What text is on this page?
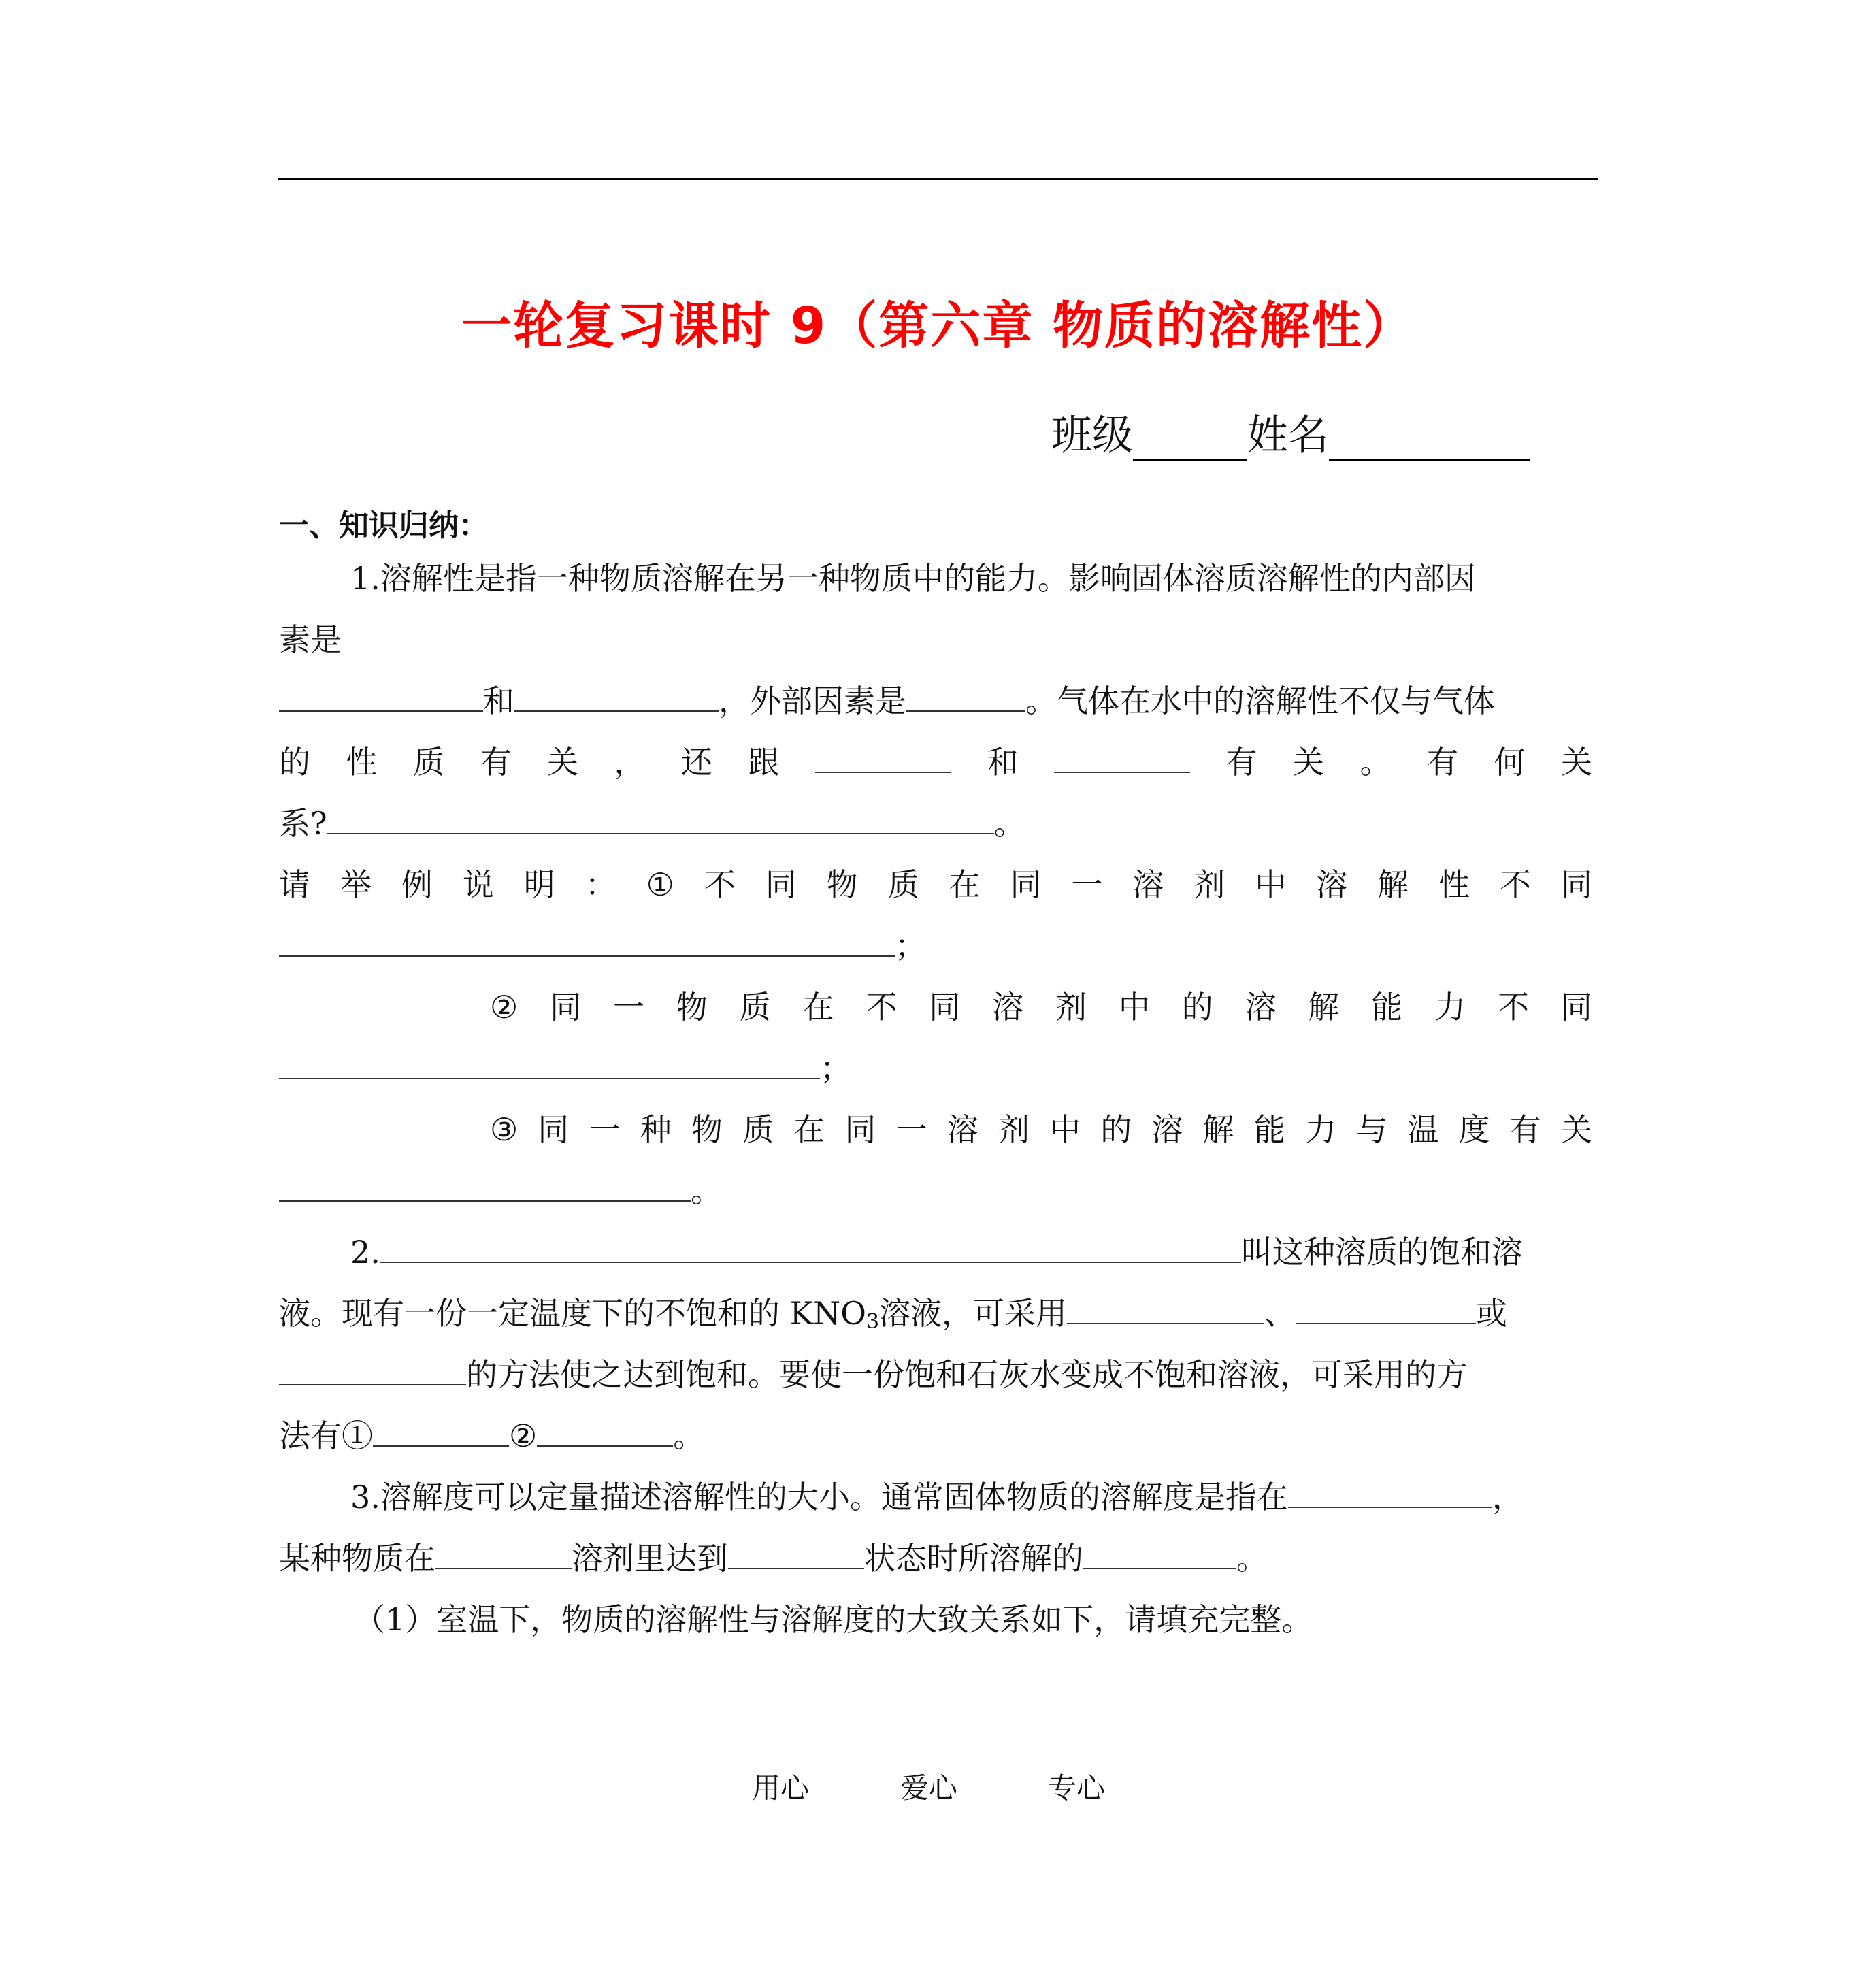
一轮复习课时 9（第六章 物质的溶解性）
班级	姓名
一、知识归纳：
1.溶解性是指一种物质溶解在另一种物质中的能力。影响固体溶质溶解性的内部因
素是
和	，外部因素是	。气体在水中的溶解性不仅与气体
的 性 质 有 关 ， 还 跟	和	有 关 。 有 何 关
系?	。
请 举 例 说 明 ： ① 不 同 物 质 在 同 一 溶 剂 中 溶 解 性 不 同
；
② 同 一 物 质 在 不 同 溶 剂 中 的 溶 解 能 力 不 同
；
③ 同 一 种 物 质 在 同 一 溶 剂 中 的 溶 解 能 力 与 温 度 有 关
。
2.	叫这种溶质的饱和溶
液。现有一份一定温度下的不饱和的 $KNO_3$溶液，可采用	、	或
的方法使之达到饱和。要使一份饱和石灰水变成不饱和溶液，可采用的方
法有①	②	。
3.溶解度可以定量描述溶解性的大小。通常固体物质的溶解度是指在	，
某种物质在	溶剂里达到	状态时所溶解的	。
（1）室温下，物质的溶解性与溶解度的大致关系如下，请填充完整。
用心	爱心	专心
